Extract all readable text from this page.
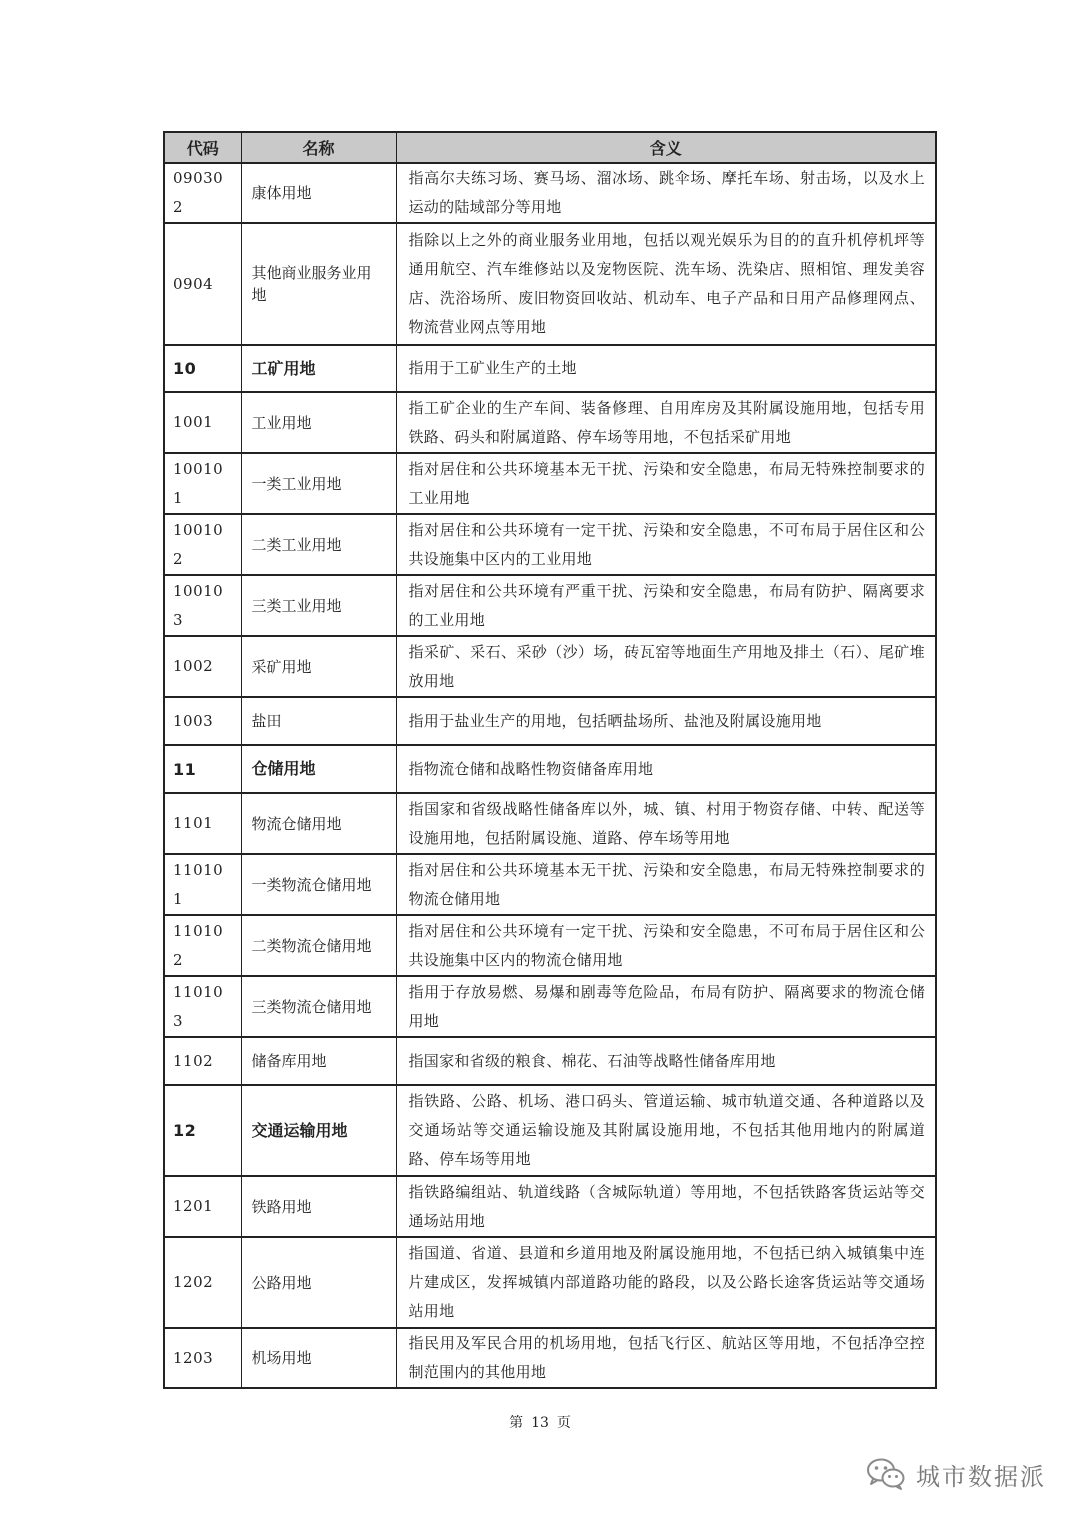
代码	名称	含义
090302	康体用地	指高尔夫练习场、赛马场、溜冰场、跳伞场、摩托车场、射击场，以及水上运动的陆域部分等用地
0904	其他商业服务业用地	指除以上之外的商业服务业用地，包括以观光娱乐为目的的直升机停机坪等通用航空、汽车维修站以及宠物医院、洗车场、洗染店、照相馆、理发美容店、洗浴场所、废旧物资回收站、机动车、电子产品和日用产品修理网点、物流营业网点等用地
10	工矿用地	指用于工矿业生产的土地
1001	工业用地	指工矿企业的生产车间、装备修理、自用库房及其附属设施用地，包括专用铁路、码头和附属道路、停车场等用地，不包括采矿用地
100101	一类工业用地	指对居住和公共环境基本无干扰、污染和安全隐患，布局无特殊控制要求的工业用地
100102	二类工业用地	指对居住和公共环境有一定干扰、污染和安全隐患，不可布局于居住区和公共设施集中区内的工业用地
100103	三类工业用地	指对居住和公共环境有严重干扰、污染和安全隐患，布局有防护、隔离要求的工业用地
1002	采矿用地	指采矿、采石、采砂（沙）场，砖瓦窑等地面生产用地及排土（石）、尾矿堆放用地
1003	盐田	指用于盐业生产的用地，包括晒盐场所、盐池及附属设施用地
11	仓储用地	指物流仓储和战略性物资储备库用地
1101	物流仓储用地	指国家和省级战略性储备库以外，城、镇、村用于物资存储、中转、配送等设施用地，包括附属设施、道路、停车场等用地
110101	一类物流仓储用地	指对居住和公共环境基本无干扰、污染和安全隐患，布局无特殊控制要求的物流仓储用地
110102	二类物流仓储用地	指对居住和公共环境有一定干扰、污染和安全隐患，不可布局于居住区和公共设施集中区内的物流仓储用地
110103	三类物流仓储用地	指用于存放易燃、易爆和剧毒等危险品，布局有防护、隔离要求的物流仓储用地
1102	储备库用地	指国家和省级的粮食、棉花、石油等战略性储备库用地
12	交通运输用地	指铁路、公路、机场、港口码头、管道运输、城市轨道交通、各种道路以及交通场站等交通运输设施及其附属设施用地，不包括其他用地内的附属道路、停车场等用地
1201	铁路用地	指铁路编组站、轨道线路（含城际轨道）等用地，不包括铁路客货运站等交通场站用地
1202	公路用地	指国道、省道、县道和乡道用地及附属设施用地，不包括已纳入城镇集中连片建成区，发挥城镇内部道路功能的路段，以及公路长途客货运站等交通场站用地
1203	机场用地	指民用及军民合用的机场用地，包括飞行区、航站区等用地，不包括净空控制范围内的其他用地
第 13 页
城市数据派
